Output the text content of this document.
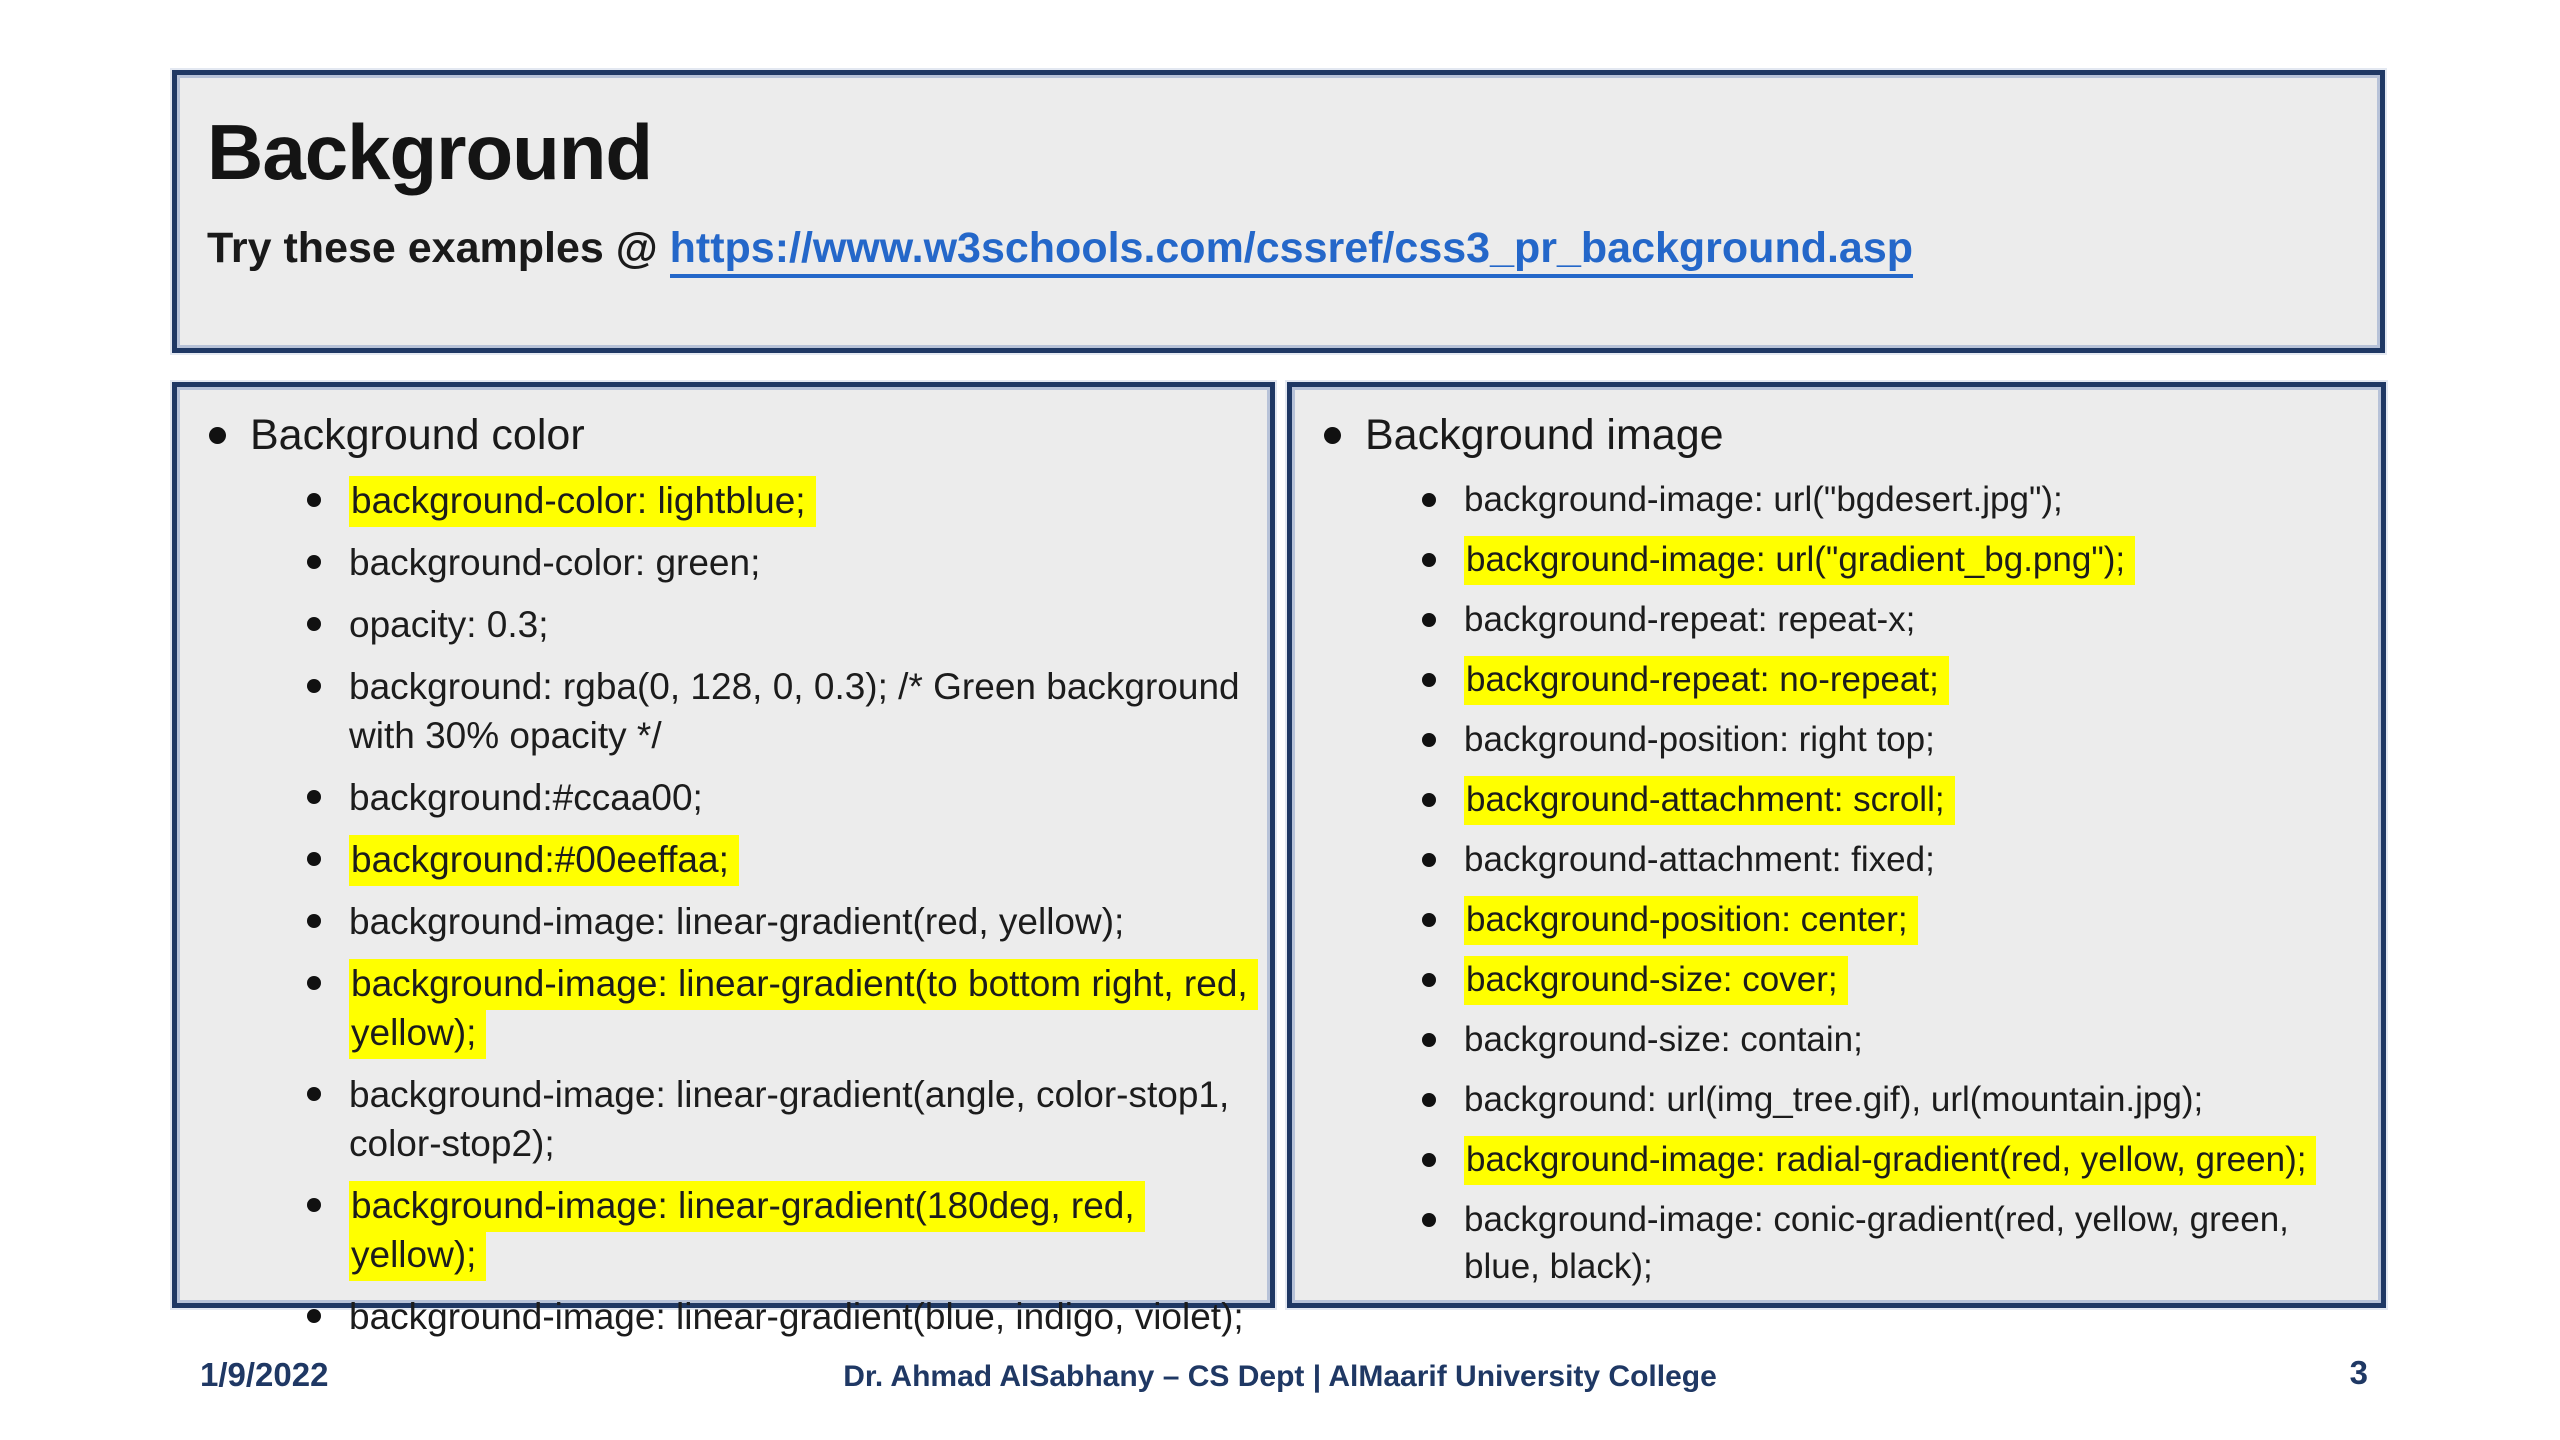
Background
Try these examples @ https://www.w3schools.com/cssref/css3_pr_background.asp
Background color
background-color: lightblue;
background-color: green;
opacity: 0.3;
background: rgba(0, 128, 0, 0.3); /* Green background with 30% opacity */
background:#ccaa00;
background:#00eeffaa;
background-image: linear-gradient(red, yellow);
background-image: linear-gradient(to bottom right, red, yellow);
background-image: linear-gradient(angle, color-stop1, color-stop2);
background-image: linear-gradient(180deg, red, yellow);
background-image: linear-gradient(blue, indigo, violet);
Background image
background-image: url("bgdesert.jpg");
background-image: url("gradient_bg.png");
background-repeat: repeat-x;
background-repeat: no-repeat;
background-position: right top;
background-attachment: scroll;
background-attachment: fixed;
background-position: center;
background-size: cover;
background-size: contain;
background: url(img_tree.gif), url(mountain.jpg);
background-image: radial-gradient(red, yellow, green);
background-image: conic-gradient(red, yellow, green, blue, black);
1/9/2022	Dr. Ahmad AlSabhany – CS Dept | AlMaarif University College	3
